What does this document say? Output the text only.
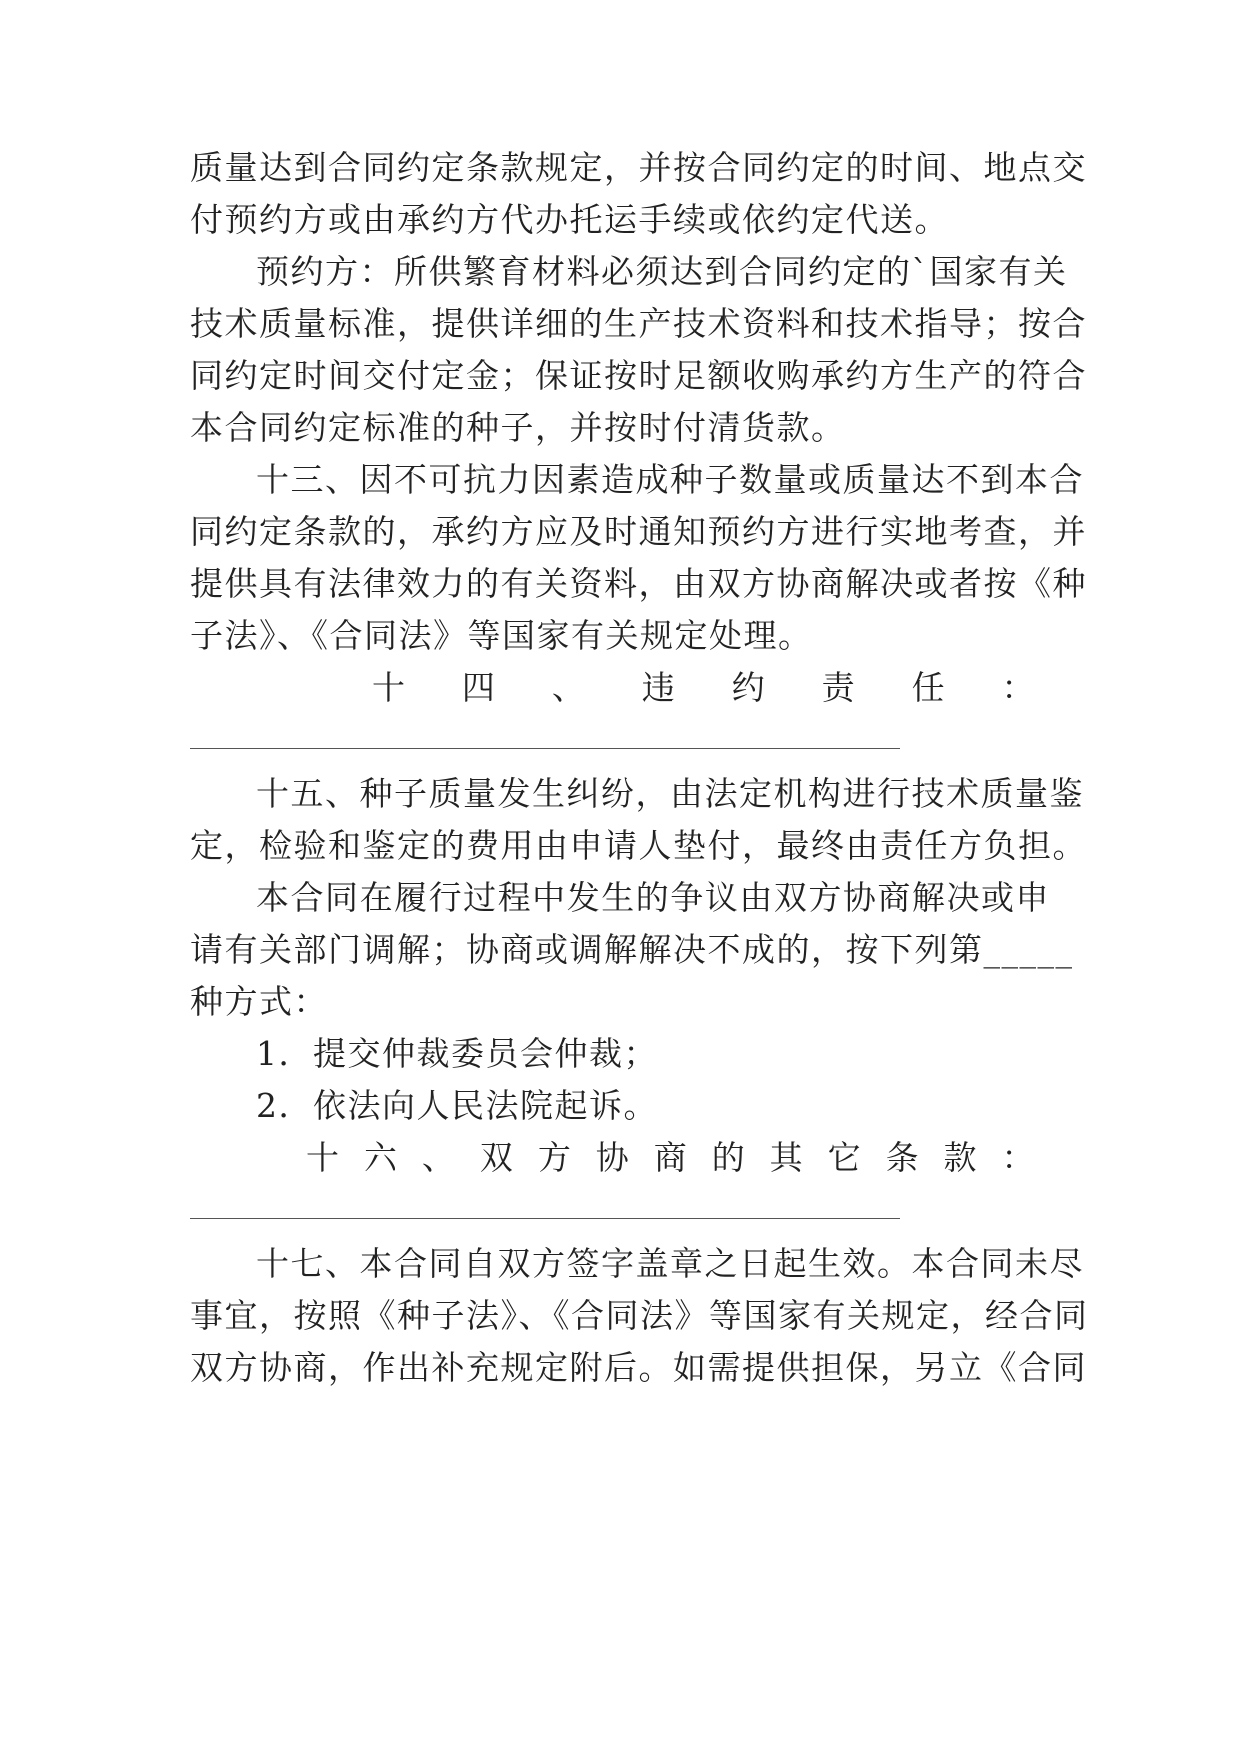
质量达到合同约定条款规定，并按合同约定的时间、地点交
付预约方或由承约方代办托运手续或依约定代送。
预约方：所供繁育材料必须达到合同约定的`国家有关
技术质量标准，提供详细的生产技术资料和技术指导；按合
同约定时间交付定金；保证按时足额收购承约方生产的符合
本合同约定标准的种子，并按时付清货款。
十三、因不可抗力因素造成种子数量或质量达不到本合
同约定条款的，承约方应及时通知预约方进行实地考查，并
提供具有法律效力的有关资料，由双方协商解决或者按《种
子法》、《合同法》等国家有关规定处理。
十 四 、 违 约 责 任 ：
十五、种子质量发生纠纷，由法定机构进行技术质量鉴
定，检验和鉴定的费用由申请人垫付，最终由责任方负担。
本合同在履行过程中发生的争议由双方协商解决或申
请有关部门调解；协商或调解解决不成的，按下列第_____
种方式：
1．提交仲裁委员会仲裁；
2．依法向人民法院起诉。
十 六 、 双 方 协 商 的 其 它 条 款 ：
十七、本合同自双方签字盖章之日起生效。本合同未尽
事宜，按照《种子法》、《合同法》等国家有关规定，经合同
双方协商，作出补充规定附后。如需提供担保，另立《合同
